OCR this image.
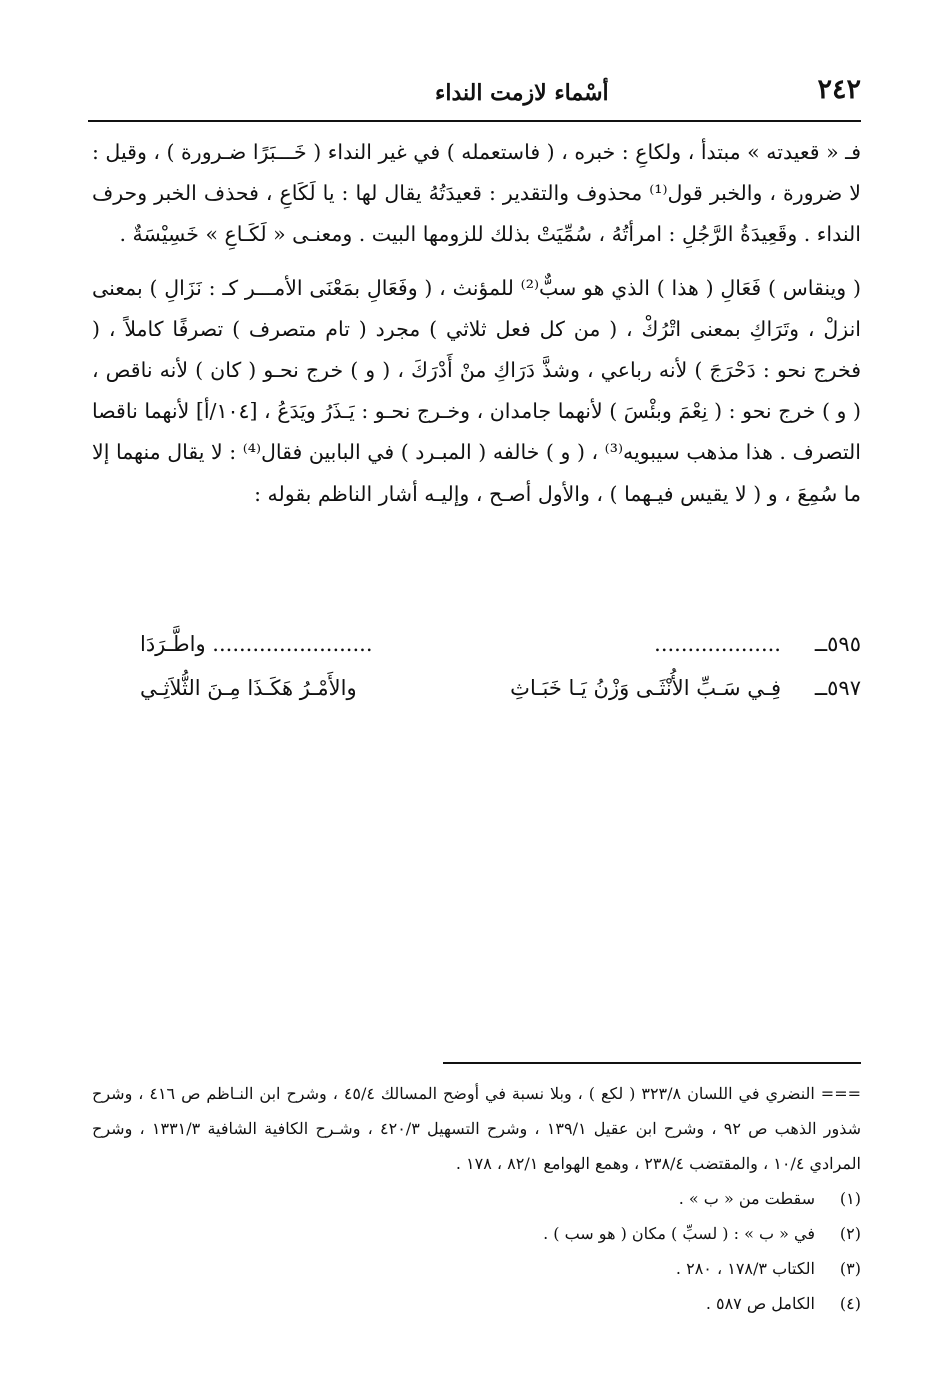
٢٤٢
أسْماء لازمت النداء

فـ « قعيدته » مبتدأ ، ولكاعِ : خبره ، ( فاستعمله ) في غير النداء ( خَـــبَرًا ضـرورة ) ، وقيل : لا ضرورة ، والخبر قول⁽¹⁾ محذوف والتقدير : قعيدَتُهُ يقال لها : يا لَكَاعِ ، فحذف الخبر وحرف النداء . وقَعِيدَةُ الرَّجُلِ : امرأتُهُ ، سُمِّيَتْ بذلك للزومها البيت . ومعنـى « لَكَـاعِ » خَسِيْسَةٌ .

( وينقاس ) فَعَالِ ( هذا ) الذي هو سبٌّ⁽²⁾ للمؤنث ، ( وفَعَالِ بمَعْنَى الأمـــر كـ : نَزَالِ ) بمعنى انزلْ ، وتَرَاكِ بمعنى اتْرُكْ ، ( من كل فعل ثلاثي ) مجرد ( تام متصرف ) تصرفًا كاملاً ، ( فخرج نحو : دَحْرَجَ ) لأنه رباعي ، وشذَّ دَرَاكِ منْ أَدْرَكَ ، ( و ) خرج نحـو ( كان ) لأنه ناقص ، ( و ) خرج نحو : ( نِعْمَ وبئْسَ ) لأنهما جامدان ، وخـرج نحـو : يَـذَرُ ويَدَعُ ، [١٠٤/أ] لأنهما ناقصا التصرف . هذا مذهب سيبويه⁽³⁾ ، ( و ) خالفه ( المبـرد ) في البابين فقال⁽⁴⁾ : لا يقال منهما إلا ما سُمِعَ ، و ( لا يقيس فيـهما ) ، والأول أصـح ، وإليـه أشار الناظم بقوله :

٥٩٥ــ
...................
........................ واطَّـرَدَا
٥٩٧ــ
فِـي سَـبِّ الأُنْثَـى وَزْنُ يَـا خَبَـاثِ
والأَمْـرُ هَكَـذَا مِـنَ الثُّلاَثِـي

=== النضري في اللسان ٣٢٣/٨ ( لكع ) ، وبلا نسبة في أوضح المسالك ٤٥/٤ ، وشرح ابن النـاظم ص ٤١٦ ، وشرح شذور الذهب ص ٩٢ ، وشرح ابن عقيل ١٣٩/١ ، وشرح التسهيل ٤٢٠/٣ ، وشـرح الكافية الشافية ١٣٣١/٣ ، وشرح المرادي ١٠/٤ ، والمقتضب ٢٣٨/٤ ، وهمع الهوامع ٨٢/١ ، ١٧٨ .

(١)سقطت من « ب » .

(٢)في « ب » : ( لسبِّ ) مكان ( هو سب ) .

(٣)الكتاب ١٧٨/٣ ، ٢٨٠ .

(٤)الكامل ص ٥٨٧ .
